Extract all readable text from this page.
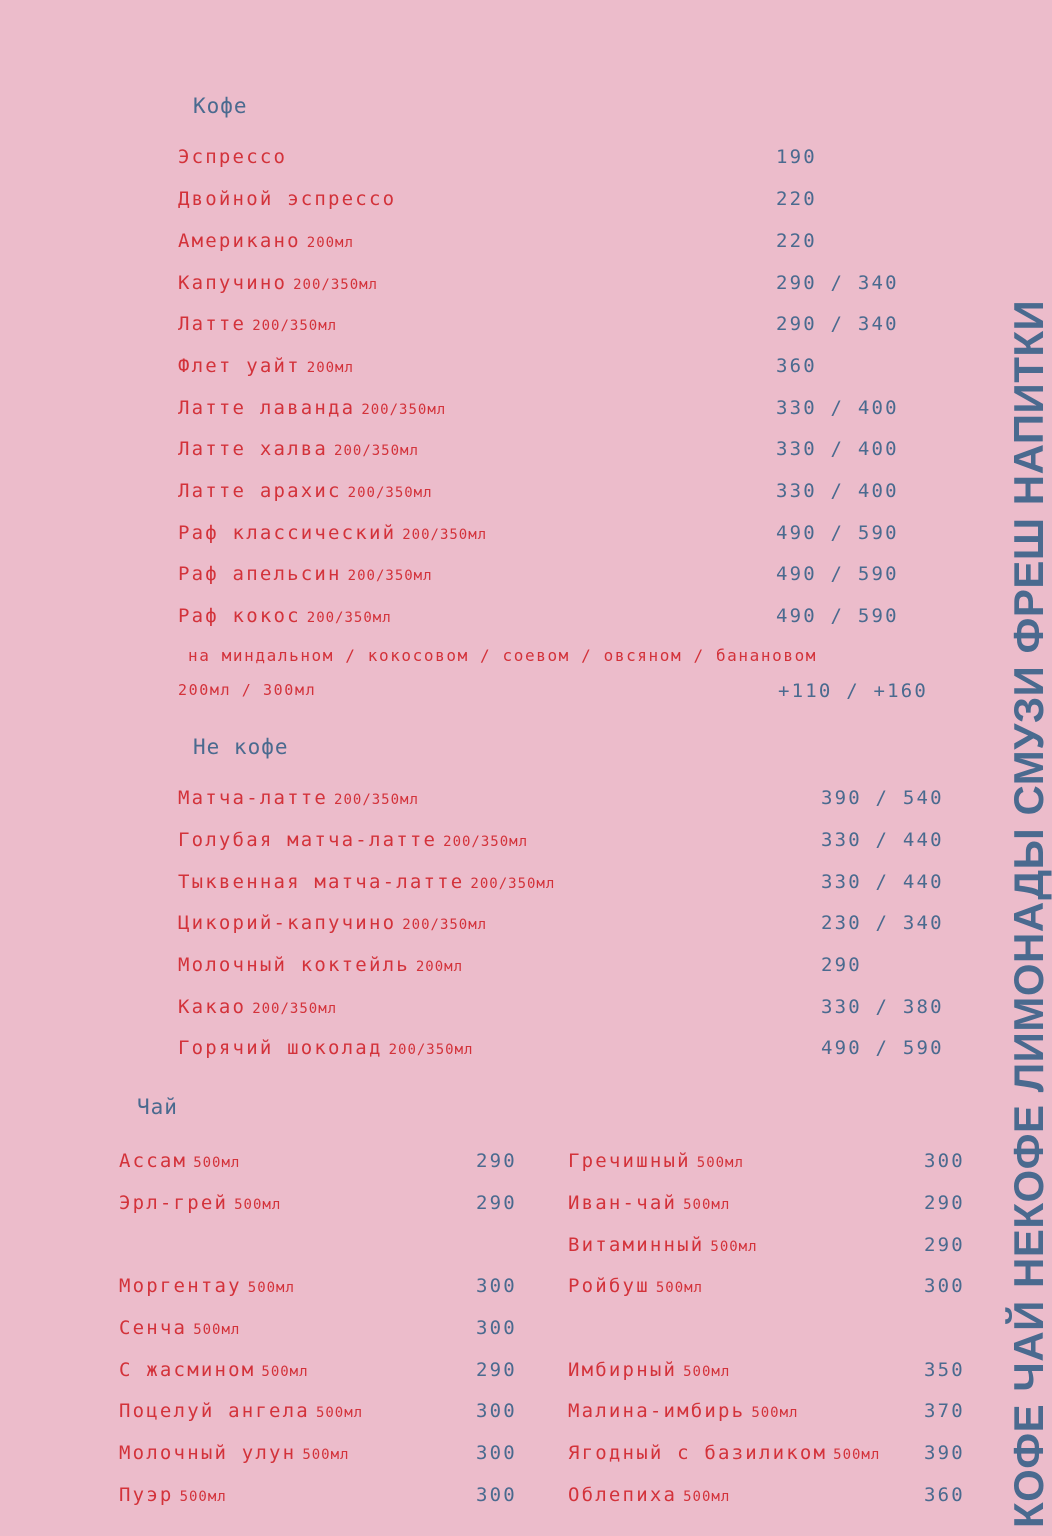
КОФЕ ЧАЙ НЕКОФЕ ЛИМОНАДЫ СМУЗИ ФРЕШ НАПИТКИ
Кофе
Эспрессо	190
Двойной эспрессо	220
Американо 200мл	220
Капучино 200/350мл	290 / 340
Латте 200/350мл	290 / 340
Флет уайт 200мл	360
Латте лаванда 200/350мл	330 / 400
Латте халва 200/350мл	330 / 400
Латте арахис 200/350мл	330 / 400
Раф классический 200/350мл	490 / 590
Раф апельсин 200/350мл	490 / 590
Раф кокос 200/350мл	490 / 590
на миндальном / кокосовом / соевом / овсяном / банановом
200мл / 300мл	+110 / +160
Не кофе
Матча-латте 200/350мл	390 / 540
Голубая матча-латте 200/350мл	330 / 440
Тыквенная матча-латте 200/350мл	330 / 440
Цикорий-капучино 200/350мл	230 / 340
Молочный коктейль 200мл	290
Какао 200/350мл	330 / 380
Горячий шоколад 200/350мл	490 / 590
Чай
Ассам 500мл	290
Эрл-грей 500мл	290
Моргентау 500мл	300
Сенча 500мл	300
С жасмином 500мл	290
Поцелуй ангела 500мл	300
Молочный улун 500мл	300
Пуэр 500мл	300
Гречишный 500мл	300
Иван-чай 500мл	290
Витаминный 500мл	290
Ройбуш 500мл	300
Имбирный 500мл	350
Малина-имбирь 500мл	370
Ягодный с базиликом 500мл 390
Облепиха 500мл	360
